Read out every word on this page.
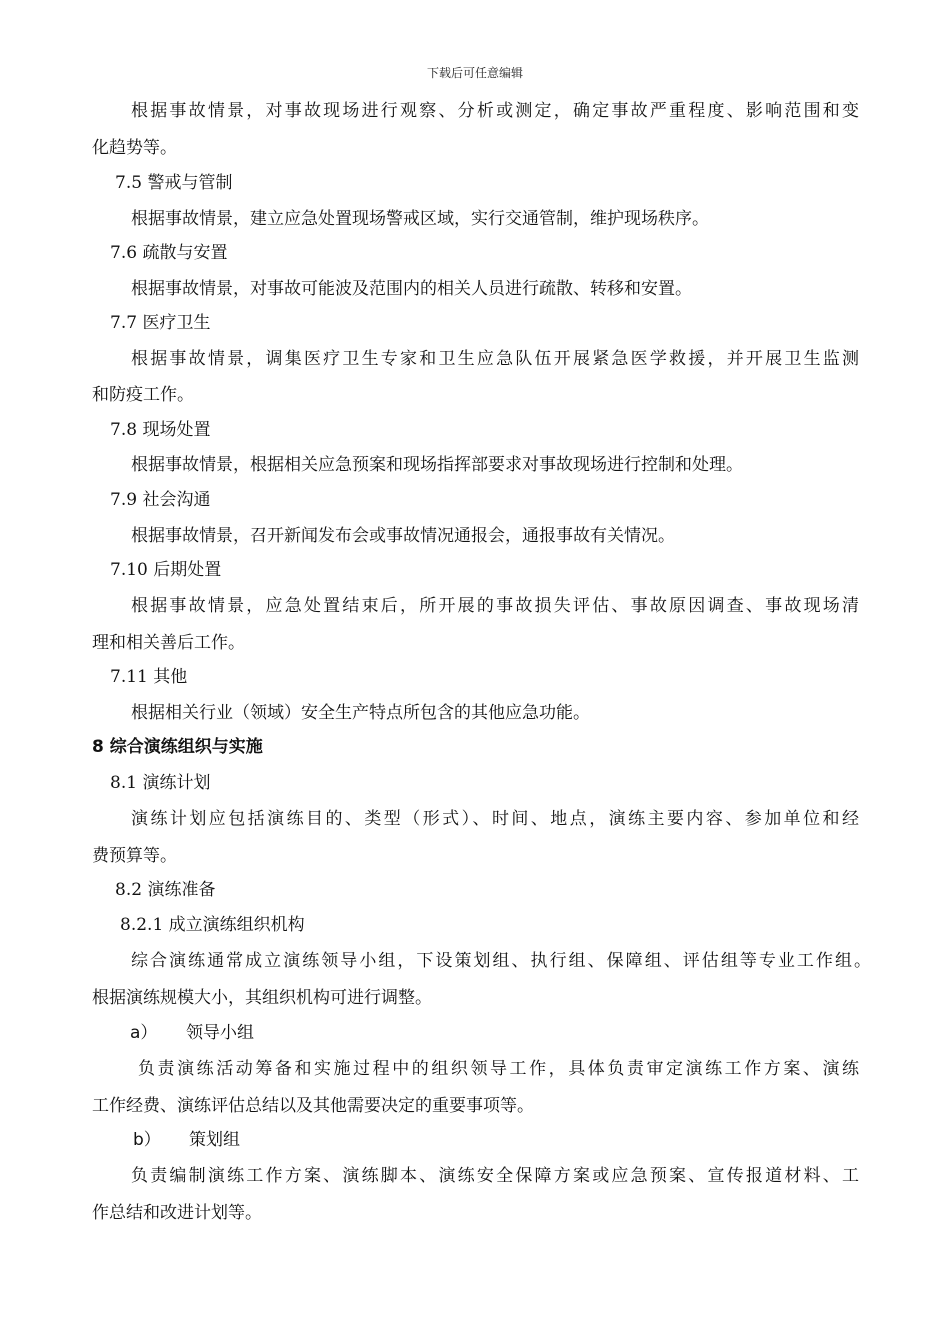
下载后可任意编辑
根据事故情景，对事故现场进行观察、分析或测定，确定事故严重程度、影响范围和变
化趋势等。
7.5 警戒与管制
根据事故情景，建立应急处置现场警戒区域，实行交通管制，维护现场秩序。
7.6 疏散与安置
根据事故情景，对事故可能波及范围内的相关人员进行疏散、转移和安置。
7.7 医疗卫生
根据事故情景，调集医疗卫生专家和卫生应急队伍开展紧急医学救援，并开展卫生监测
和防疫工作。
7.8 现场处置
根据事故情景，根据相关应急预案和现场指挥部要求对事故现场进行控制和处理。
7.9 社会沟通
根据事故情景，召开新闻发布会或事故情况通报会，通报事故有关情况。
7.10 后期处置
根据事故情景，应急处置结束后，所开展的事故损失评估、事故原因调查、事故现场清
理和相关善后工作。
7.11 其他
根据相关行业（领域）安全生产特点所包含的其他应急功能。
8 综合演练组织与实施
8.1 演练计划
演练计划应包括演练目的、类型（形式）、时间、地点，演练主要内容、参加单位和经
费预算等。
8.2 演练准备
8.2.1 成立演练组织机构
综合演练通常成立演练领导小组，下设策划组、执行组、保障组、评估组等专业工作组。
根据演练规模大小，其组织机构可进行调整。
a） 领导小组
负责演练活动筹备和实施过程中的组织领导工作，具体负责审定演练工作方案、演练
工作经费、演练评估总结以及其他需要决定的重要事项等。
b） 策划组
负责编制演练工作方案、演练脚本、演练安全保障方案或应急预案、宣传报道材料、工
作总结和改进计划等。
